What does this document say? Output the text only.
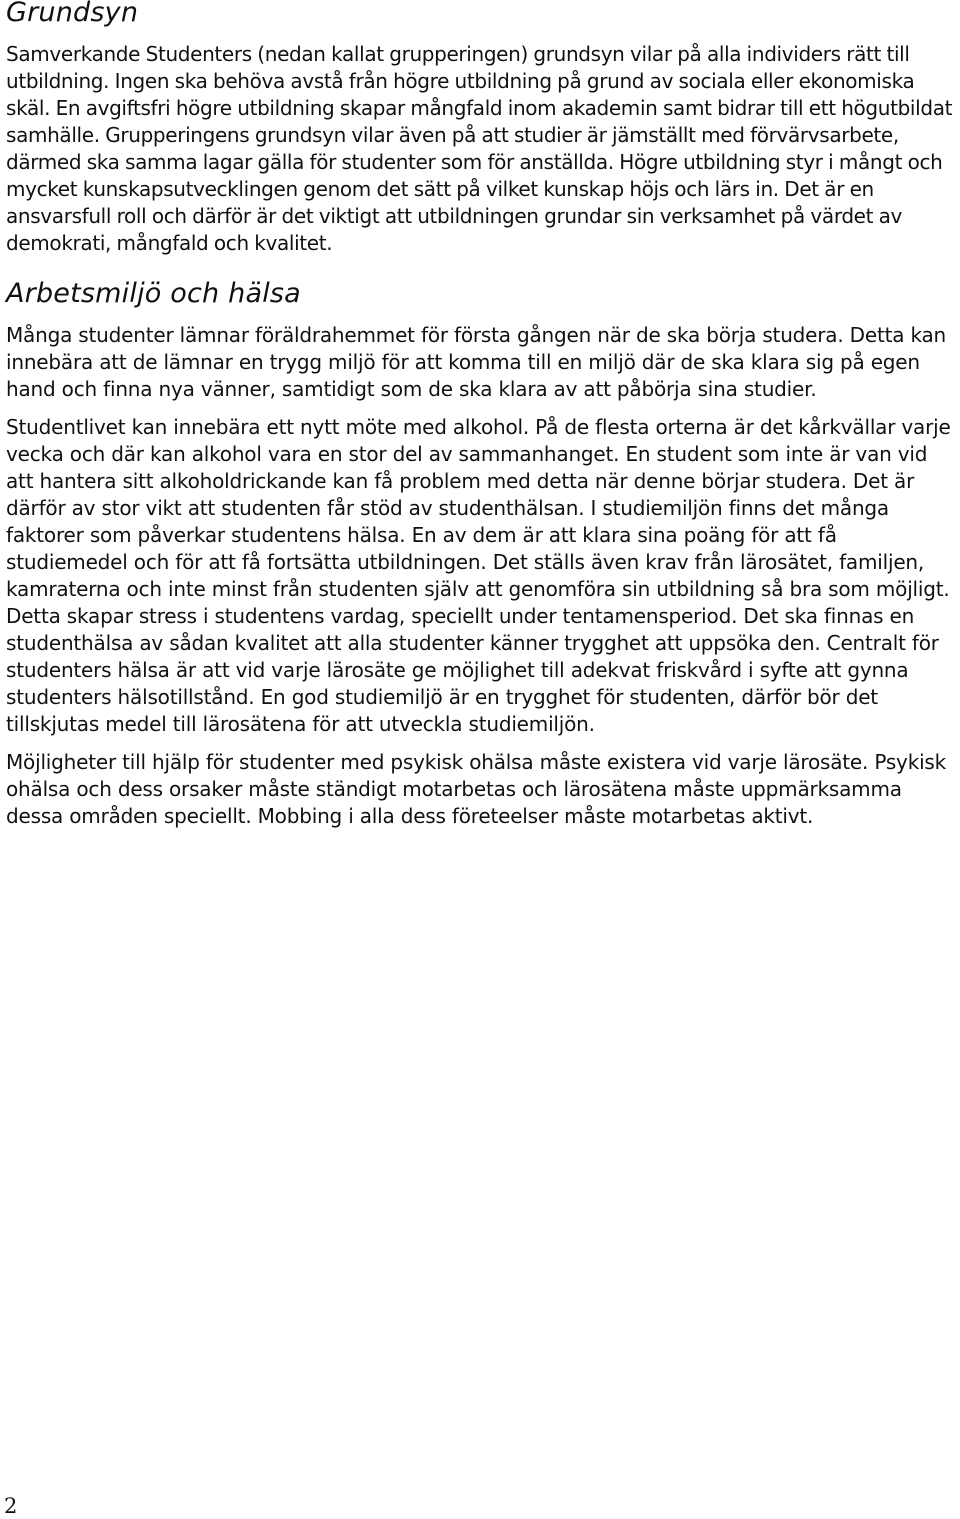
Grundsyn

Samverkande Studenters (nedan kallat grupperingen) grundsyn vilar på alla individers rätt till utbildning. Ingen ska behöva avstå från högre utbildning på grund av sociala eller ekonomiska skäl. En avgiftsfri högre utbildning skapar mångfald inom akademin samt bidrar till ett högutbildat samhälle. Grupperingens grundsyn vilar även på att studier är jämställt med förvärvsarbete, därmed ska samma lagar gälla för studenter som för anställda. Högre utbildning styr i mångt och mycket kunskapsutvecklingen genom det sätt på vilket kunskap höjs och lärs in. Det är en ansvarsfull roll och därför är det viktigt att utbildningen grundar sin verksamhet på värdet av demokrati, mångfald och kvalitet.

Arbetsmiljö och hälsa

Många studenter lämnar föräldrahemmet för första gången när de ska börja studera. Detta kan innebära att de lämnar en trygg miljö för att komma till en miljö där de ska klara sig på egen hand och finna nya vänner, samtidigt som de ska klara av att påbörja sina studier.

Studentlivet kan innebära ett nytt möte med alkohol. På de flesta orterna är det kårkvällar varje vecka och där kan alkohol vara en stor del av sammanhanget. En student som inte är van vid att hantera sitt alkoholdrickande kan få problem med detta när denne börjar studera. Det är därför av stor vikt att studenten får stöd av studenthälsan. I studiemiljön finns det många faktorer som påverkar studentens hälsa. En av dem är att klara sina poäng för att få studiemedel och för att få fortsätta utbildningen. Det ställs även krav från lärosätet, familjen, kamraterna och inte minst från studenten själv att genomföra sin utbildning så bra som möjligt. Detta skapar stress i studentens vardag, speciellt under tentamensperiod. Det ska finnas en studenthälsa av sådan kvalitet att alla studenter känner trygghet att uppsöka den. Centralt för studenters hälsa är att vid varje lärosäte ge möjlighet till adekvat friskvård i syfte att gynna studenters hälsotillstånd. En god studiemiljö är en trygghet för studenten, därför bör det tillskjutas medel till lärosätena för att utveckla studiemiljön.

Möjligheter till hjälp för studenter med psykisk ohälsa måste existera vid varje lärosäte. Psykisk ohälsa och dess orsaker måste ständigt motarbetas och lärosätena måste uppmärksamma dessa områden speciellt. Mobbing i alla dess företeelser måste motarbetas aktivt.

2
